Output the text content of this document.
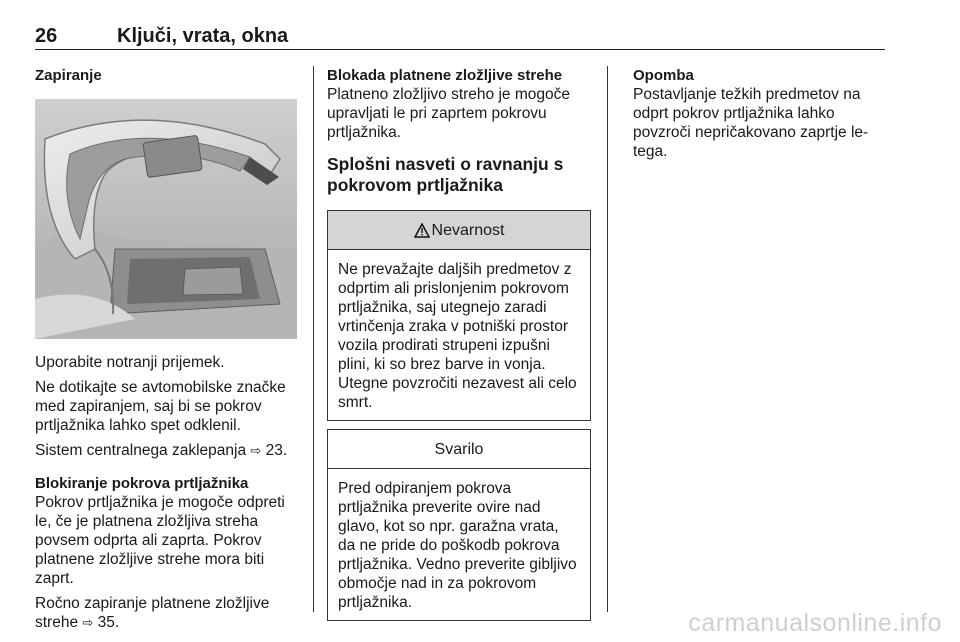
26	Ključi, vrata, okna
Zapiranje

Uporabite notranji prijemek.

Ne dotikajte se avtomobilske značke med zapiranjem, saj bi se pokrov prtljažnika lahko spet odklenil.

Sistem centralnega zaklepanja ⇨ 23.

Blokiranje pokrova prtljažnika

Pokrov prtljažnika je mogoče odpreti le, če je platnena zložljiva streha povsem odprta ali zaprta. Pokrov platnene zložljive strehe mora biti zaprt.

Ročno zapiranje platnene zložljive strehe ⇨ 35.

Blokada platnene zložljive strehe

Platneno zložljivo streho je mogoče upravljati le pri zaprtem pokrovu prtljažnika.

Splošni nasveti o ravnanju s pokrovom prtljažnika
Nevarnost
Ne prevažajte daljših predmetov z odprtim ali prislonjenim pokrovom prtljažnika, saj utegnejo zaradi vrtinčenja zraka v potniški prostor vozila prodirati strupeni izpušni plini, ki so brez barve in vonja. Utegne povzročiti nezavest ali celo smrt.
Svarilo
Pred odpiranjem pokrova prtljažnika preverite ovire nad glavo, kot so npr. garažna vrata, da ne pride do poškodb pokrova prtljažnika. Vedno preverite gibljivo območje nad in za pokrovom prtljažnika.
Opomba

Postavljanje težkih predmetov na odprt pokrov prtljažnika lahko povzroči nepričakovano zaprtje le-tega.

carmanualsonline.info
